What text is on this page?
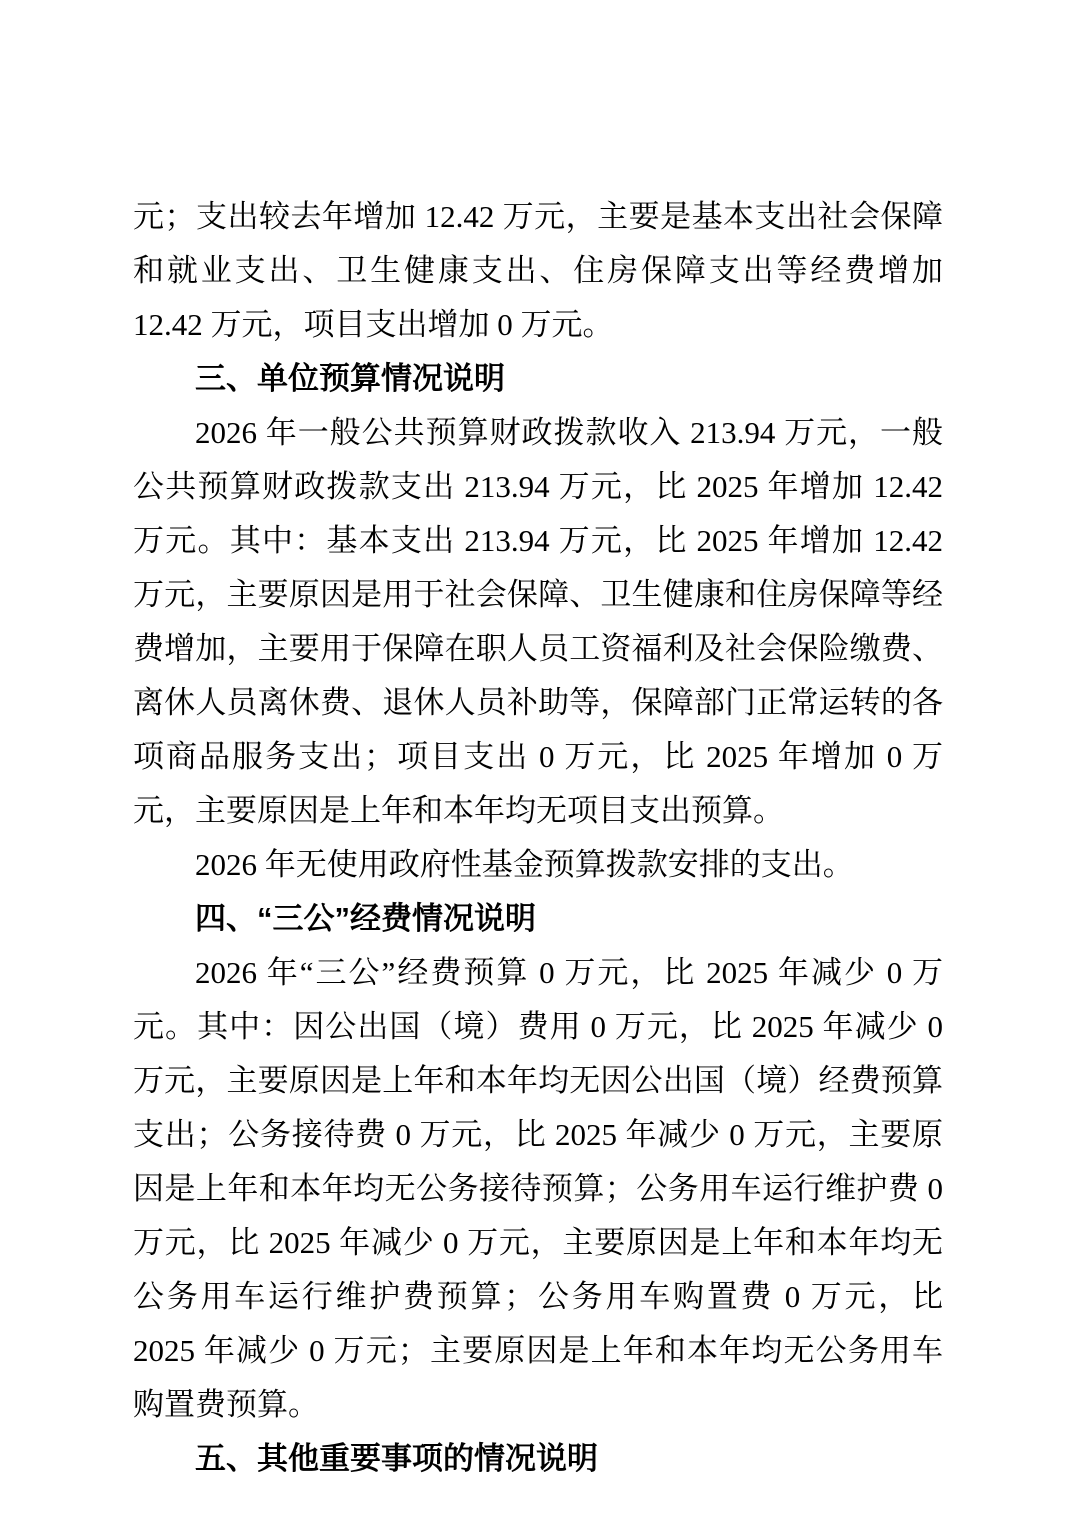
元；支出较去年增加 12.42 万元，主要是基本支出社会保障和就业支出、卫生健康支出、住房保障支出等经费增加 12.42 万元，项目支出增加 0 万元。

三、单位预算情况说明

2026 年一般公共预算财政拨款收入 213.94 万元，一般公共预算财政拨款支出 213.94 万元，比 2025 年增加 12.42 万元。其中：基本支出 213.94 万元，比 2025 年增加 12.42 万元，主要原因是用于社会保障、卫生健康和住房保障等经费增加，主要用于保障在职人员工资福利及社会保险缴费、离休人员离休费、退休人员补助等，保障部门正常运转的各项商品服务支出；项目支出 0 万元，比 2025 年增加 0 万元，主要原因是上年和本年均无项目支出预算。

2026 年无使用政府性基金预算拨款安排的支出。

四、“三公”经费情况说明

2026 年“三公”经费预算 0 万元，比 2025 年减少 0 万元。其中：因公出国（境）费用 0 万元，比 2025 年减少 0 万元，主要原因是上年和本年均无因公出国（境）经费预算支出；公务接待费 0 万元，比 2025 年减少 0 万元，主要原因是上年和本年均无公务接待预算；公务用车运行维护费 0 万元，比 2025 年减少 0 万元，主要原因是上年和本年均无公务用车运行维护费预算；公务用车购置费 0 万元，比 2025 年减少 0 万元；主要原因是上年和本年均无公务用车购置费预算。

五、其他重要事项的情况说明
